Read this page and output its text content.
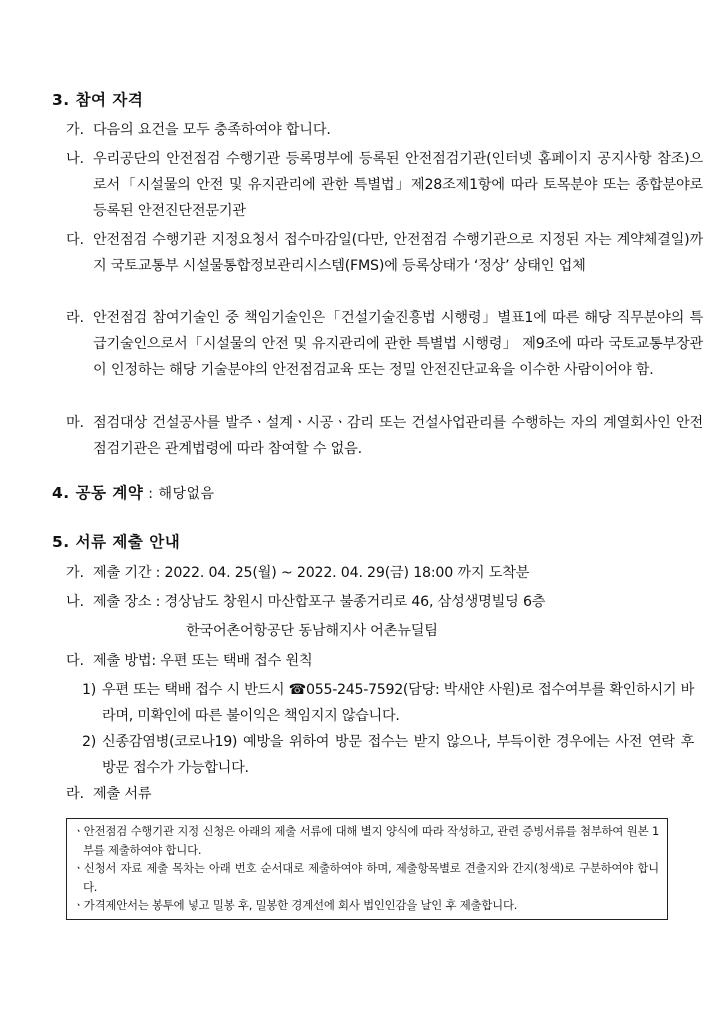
3. 참여 자격
가. 다음의 요건을 모두 충족하여야 합니다.
나. 우리공단의 안전점검 수행기관 등록명부에 등록된 안전점검기관(인터넷 홈페이지 공지사항 참조)으로서「시설물의 안전 및 유지관리에 관한 특별법」제28조제1항에 따라 토목분야 또는 종합분야로 등록된 안전진단전문기관
다. 안전점검 수행기관 지정요청서 접수마감일(다만, 안전점검 수행기관으로 지정된 자는 계약체결일)까지 국토교통부 시설물통합정보관리시스템(FMS)에 등록상태가 ‘정상’ 상태인 업체
라. 안전점검 참여기술인 중 책임기술인은「건설기술진흥법 시행령」별표1에 따른 해당 직무분야의 특급기술인으로서「시설물의 안전 및 유지관리에 관한 특별법 시행령」 제9조에 따라 국토교통부장관이 인정하는 해당 기술분야의 안전점검교육 또는 정밀 안전진단교육을 이수한 사람이어야 함.
마. 점검대상 건설공사를 발주ㆍ설계ㆍ시공ㆍ감리 또는 건설사업관리를 수행하는 자의 계열회사인 안전점검기관은 관계법령에 따라 참여할 수 없음.
4. 공동 계약 : 해당없음
5. 서류 제출 안내
가. 제출 기간 : 2022. 04. 25(월) ~ 2022. 04. 29(금) 18:00 까지 도착분
나. 제출 장소 : 경상남도 창원시 마산합포구 불종거리로 46, 삼성생명빌딩 6층
한국어촌어항공단 동남해지사 어촌뉴딜팀
다. 제출 방법: 우편 또는 택배 접수 원칙
1) 우편 또는 택배 접수 시 반드시 ☎055-245-7592(담당: 박새얀 사원)로 접수여부를 확인하시기 바라며, 미확인에 따른 불이익은 책임지지 않습니다.
2) 신종감염병(코로나19) 예방을 위하여 방문 접수는 받지 않으나, 부득이한 경우에는 사전 연락 후 방문 접수가 가능합니다.
라. 제출 서류
ㆍ안전점검 수행기관 지정 신청은 아래의 제출 서류에 대해 별지 양식에 따라 작성하고, 관련 증빙서류를 첨부하여 원본 1부를 제출하여야 합니다.
ㆍ신청서 자료 제출 목차는 아래 번호 순서대로 제출하여야 하며, 제출항목별로 견출지와 간지(청색)로 구분하여야 합니다.
ㆍ가격제안서는 봉투에 넣고 밀봉 후, 밀봉한 경계선에 회사 법인인감을 날인 후 제출합니다.
